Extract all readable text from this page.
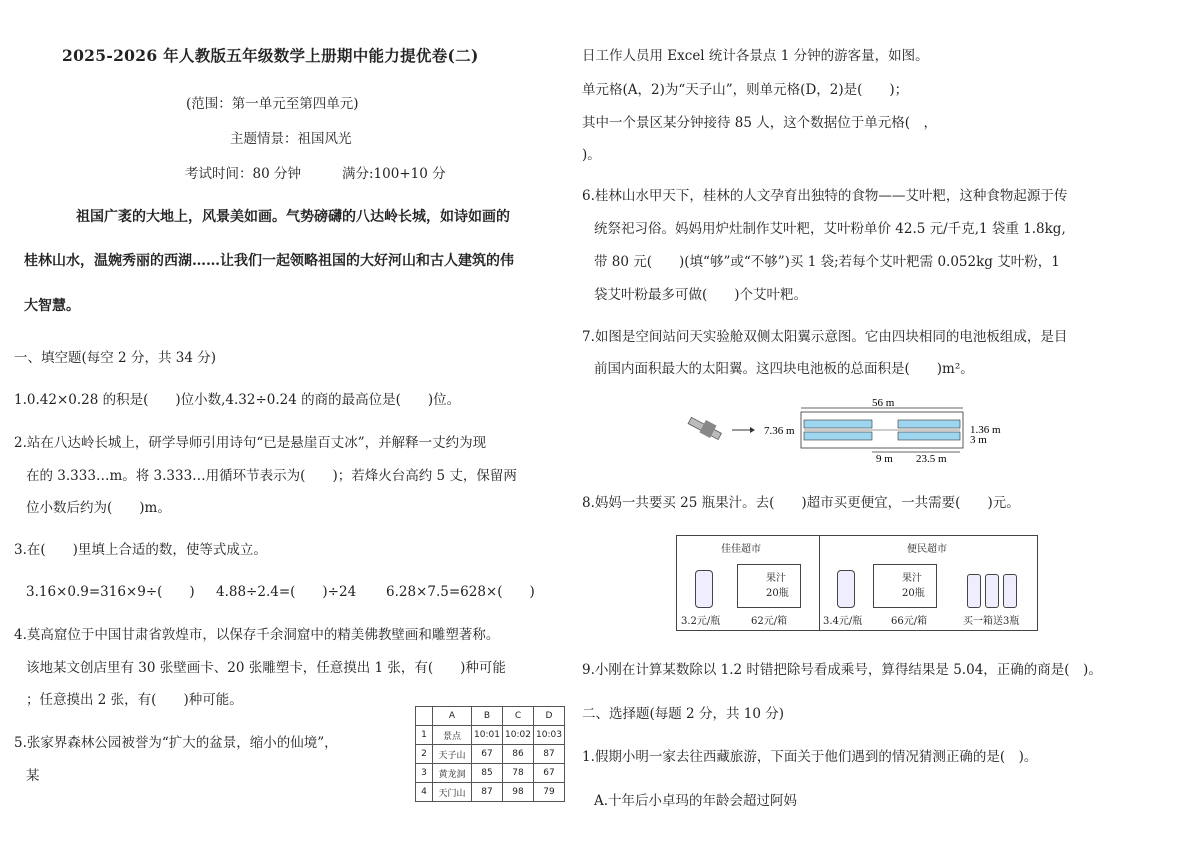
2025-2026 年人教版五年级数学上册期中能力提优卷(二)
(范围：第一单元至第四单元)
主题情景：祖国风光
考试时间：80 分钟	满分:100+10 分
祖国广袤的大地上，风景美如画。气势磅礴的八达岭长城，如诗如画的
桂林山水，温婉秀丽的西湖……让我们一起领略祖国的大好河山和古人建筑的伟
大智慧。
一、填空题(每空 2 分，共 34 分)
1.0.42×0.28 的积是(　　)位小数,4.32÷0.24 的商的最高位是(　　)位。
2.站在八达岭长城上，研学导师引用诗句“已是悬崖百丈冰”，并解释一丈约为现
在的 3.333…m。将 3.333…用循环节表示为(　　)；若烽火台高约 5 丈，保留两
位小数后约为(　　)m。
3.在(　　)里填上合适的数，使等式成立。
3.16×0.9=316×9÷(　　) 4.88÷2.4=(　　)÷24 6.28×7.5=628×(　　)
4.莫高窟位于中国甘肃省敦煌市，以保存千余洞窟中的精美佛教壁画和雕塑著称。
该地某文创店里有 30 张壁画卡、20 张雕塑卡，任意摸出 1 张，有(　　)种可能
；任意摸出 2 张，有(　　)种可能。
5.张家界森林公园被誉为“扩大的盆景，缩小的仙境”，
某
	A	B	C	D
1	景点	10:01	10:02	10:03
2	天子山	67	86	87
3	黄龙洞	85	78	67
4	天门山	87	98	79
日工作人员用 Excel 统计各景点 1 分钟的游客量，如图。
单元格(A，2)为“天子山”，则单元格(D，2)是(　　)；
其中一个景区某分钟接待 85 人，这个数据位于单元格(　，
)。
6.桂林山水甲天下，桂林的人文孕育出独特的食物——艾叶粑，这种食物起源于传
统祭祀习俗。妈妈用炉灶制作艾叶粑，艾叶粉单价 42.5 元/千克,1 袋重 1.8kg,
带 80 元(　　)(填“够”或“不够”)买 1 袋;若每个艾叶粑需 0.052kg 艾叶粉，1
袋艾叶粉最多可做(　　)个艾叶粑。
7.如图是空间站问天实验舱双侧太阳翼示意图。它由四块相同的电池板组成，是目
前国内面积最大的太阳翼。这四块电池板的总面积是(　　)m²。
56 m
7.36 m	1.36 m
3 m
9 m 23.5 m
8.妈妈一共要买 25 瓶果汁。去(　　)超市买更便宜，一共需要(　　)元。
佳佳超市	便民超市
果汁
20瓶
3.2元/瓶	62元/箱
果汁
20瓶
3.4元/瓶	66元/箱	买一箱送3瓶
9.小刚在计算某数除以 1.2 时错把除号看成乘号，算得结果是 5.04，正确的商是(　)。
二、选择题(每题 2 分，共 10 分)
1.假期小明一家去往西藏旅游，下面关于他们遇到的情况猜测正确的是(　)。
A.十年后小卓玛的年龄会超过阿妈
